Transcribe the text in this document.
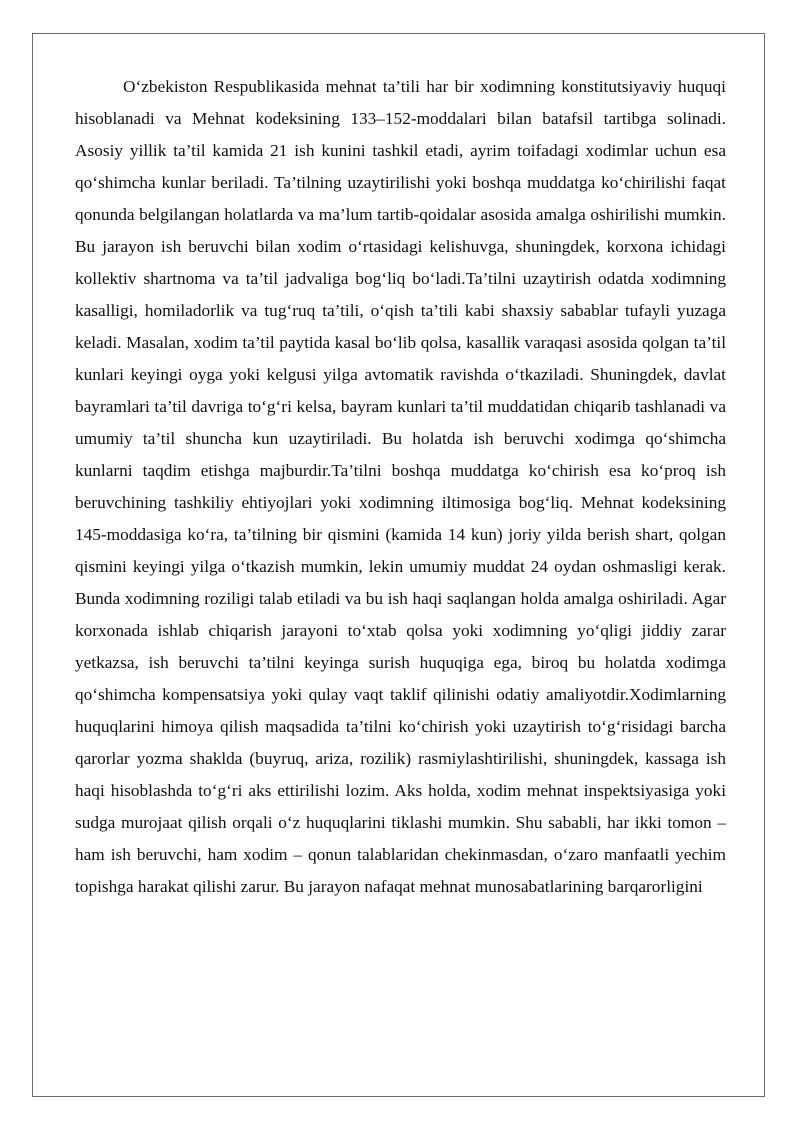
O‘zbekiston Respublikasida mehnat ta’tili har bir xodimning konstitutsiyaviy huquqi hisoblanadi va Mehnat kodeksining 133–152-moddalari bilan batafsil tartibga solinadi. Asosiy yillik ta’til kamida 21 ish kunini tashkil etadi, ayrim toifadagi xodimlar uchun esa qo‘shimcha kunlar beriladi. Ta’tilning uzaytirilishi yoki boshqa muddatga ko‘chirilishi faqat qonunda belgilangan holatlarda va ma’lum tartib-qoidalar asosida amalga oshirilishi mumkin. Bu jarayon ish beruvchi bilan xodim o‘rtasidagi kelishuvga, shuningdek, korxona ichidagi kollektiv shartnoma va ta’til jadvaliga bog‘liq bo‘ladi.Ta’tilni uzaytirish odatda xodimning kasalligi, homiladorlik va tug‘ruq ta’tili, o‘qish ta’tili kabi shaxsiy sabablar tufayli yuzaga keladi. Masalan, xodim ta’til paytida kasal bo‘lib qolsa, kasallik varaqasi asosida qolgan ta’til kunlari keyingi oyga yoki kelgusi yilga avtomatik ravishda o‘tkaziladi. Shuningdek, davlat bayramlari ta’til davriga to‘g‘ri kelsa, bayram kunlari ta’til muddatidan chiqarib tashlanadi va umumiy ta’til shuncha kun uzaytiriladi. Bu holatda ish beruvchi xodimga qo‘shimcha kunlarni taqdim etishga majburdir.Ta’tilni boshqa muddatga ko‘chirish esa ko‘proq ish beruvchining tashkiliy ehtiyojlari yoki xodimning iltimosiga bog‘liq. Mehnat kodeksining 145-moddasiga ko‘ra, ta’tilning bir qismini (kamida 14 kun) joriy yilda berish shart, qolgan qismini keyingi yilga o‘tkazish mumkin, lekin umumiy muddat 24 oydan oshmasligi kerak. Bunda xodimning roziligi talab etiladi va bu ish haqi saqlangan holda amalga oshiriladi. Agar korxonada ishlab chiqarish jarayoni to‘xtab qolsa yoki xodimning yo‘qligi jiddiy zarar yetkazsa, ish beruvchi ta’tilni keyinga surish huquqiga ega, biroq bu holatda xodimga qo‘shimcha kompensatsiya yoki qulay vaqt taklif qilinishi odatiy amaliyotdir.Xodimlarning huquqlarini himoya qilish maqsadida ta’tilni ko‘chirish yoki uzaytirish to‘g‘risidagi barcha qarorlar yozma shaklda (buyruq, ariza, rozilik) rasmiylashtirilishi, shuningdek, kassaga ish haqi hisoblashda to‘g‘ri aks ettirilishi lozim. Aks holda, xodim mehnat inspektsiyasiga yoki sudga murojaat qilish orqali o‘z huquqlarini tiklashi mumkin. Shu sababli, har ikki tomon – ham ish beruvchi, ham xodim – qonun talablaridan chekinmasdan, o‘zaro manfaatli yechim topishga harakat qilishi zarur. Bu jarayon nafaqat mehnat munosabatlarining barqarorligini
